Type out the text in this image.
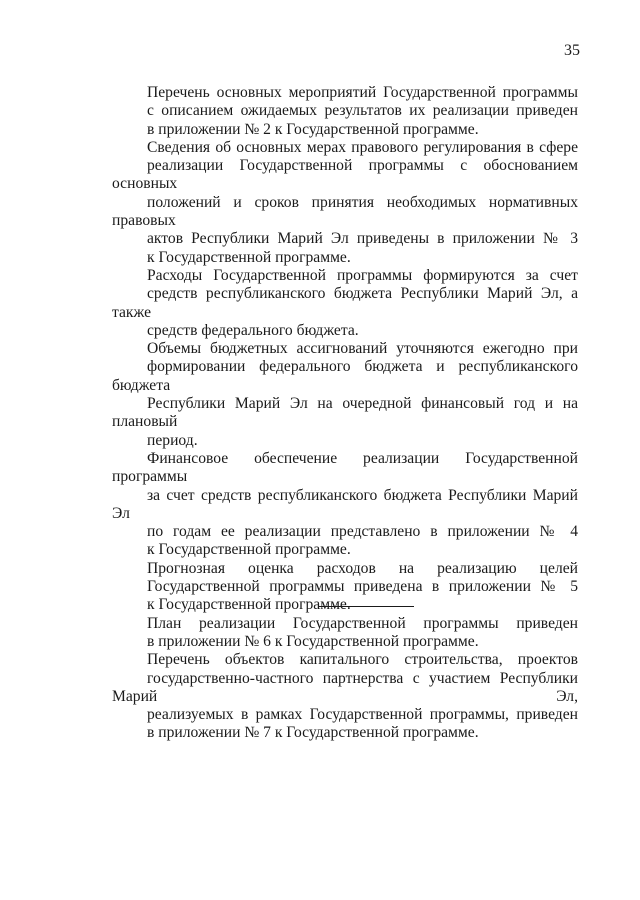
35

Перечень основных мероприятий Государственной программы
с описанием ожидаемых результатов их реализации приведен
в приложении № 2 к Государственной программе.

Сведения об основных мерах правового регулирования в сфере
реализации Государственной программы с обоснованием основных
положений и сроков принятия необходимых нормативных правовых
актов Республики Марий Эл приведены в приложении № 3
к Государственной программе.

Расходы Государственной программы формируются за счет
средств республиканского бюджета Республики Марий Эл, а также
средств федерального бюджета.

Объемы бюджетных ассигнований уточняются ежегодно при
формировании федерального бюджета и республиканского бюджета
Республики Марий Эл на очередной финансовый год и на плановый
период.

Финансовое обеспечение реализации Государственной программы
за счет средств республиканского бюджета Республики Марий Эл
по годам ее реализации представлено в приложении № 4
к Государственной программе.

Прогнозная оценка расходов на реализацию целей
Государственной программы приведена в приложении № 5
к Государственной программе.

План реализации Государственной программы приведен
в приложении № 6 к Государственной программе.

Перечень объектов капитального строительства, проектов
государственно-частного партнерства с участием Республики Марий Эл,
реализуемых в рамках Государственной программы, приведен
в приложении № 7 к Государственной программе.
